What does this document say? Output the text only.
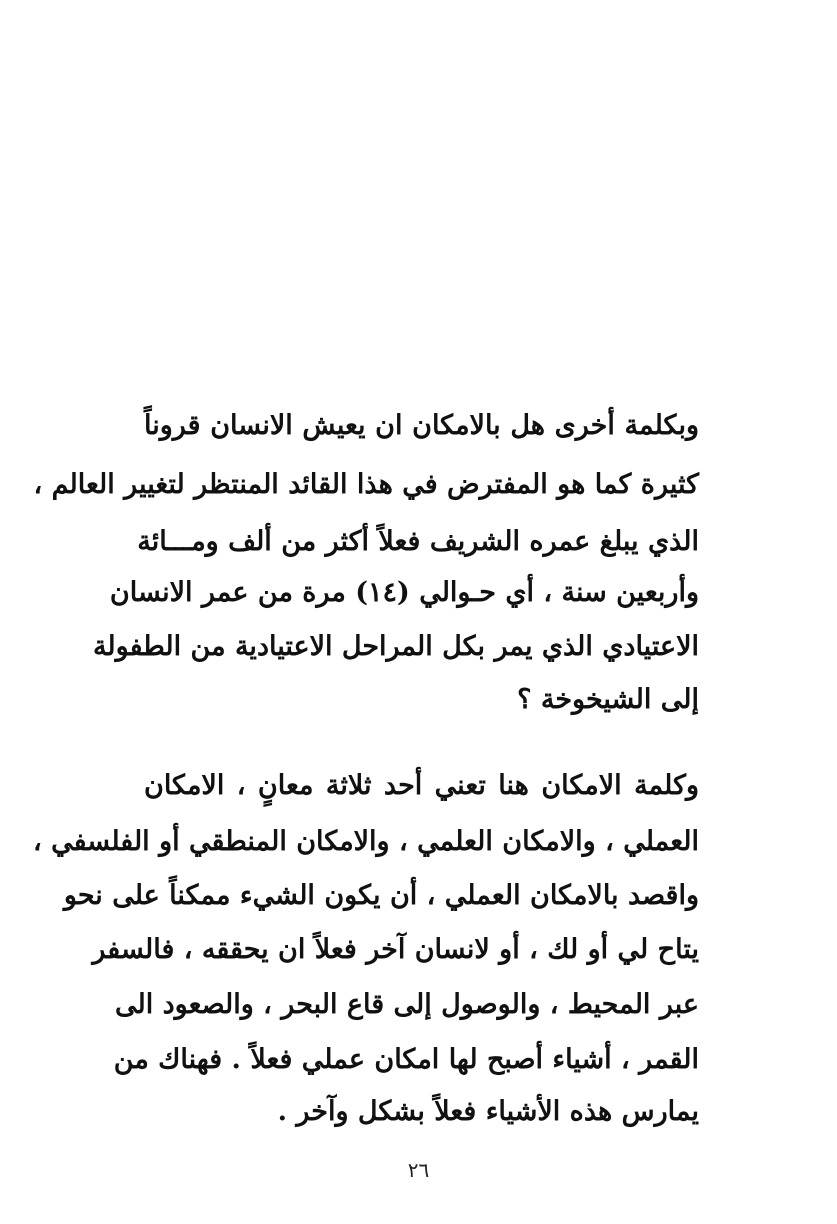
وبكلمة أخرى هل بالامكان ان يعيش الانسان قروناً
كثيرة كما هو المفترض في هذا القائد المنتظر لتغيير العالم ،
الذي يبلغ عمره الشريف فعلاً أكثر من ألف ومـــائة
وأربعين سنة ، أي حـوالي (١٤) مرة من عمر الانسان
الاعتيادي الذي يمر بكل المراحل الاعتيادية من الطفولة
إلى الشيخوخة ؟
وكلمة الامكان هنا تعني أحد ثلاثة معانٍ ، الامكان
العملي ، والامكان العلمي ، والامكان المنطقي أو الفلسفي ،
واقصد بالامكان العملي ، أن يكون الشيء ممكناً على نحو
يتاح لي أو لك ، أو لانسان آخر فعلاً ان يحققه ، فالسفر
عبر المحيط ، والوصول إلى قاع البحر ، والصعود الى
القمر ، أشياء أصبح لها امكان عملي فعلاً . فهناك من
يمارس هذه الأشياء فعلاً بشكل وآخر .
٢٦
